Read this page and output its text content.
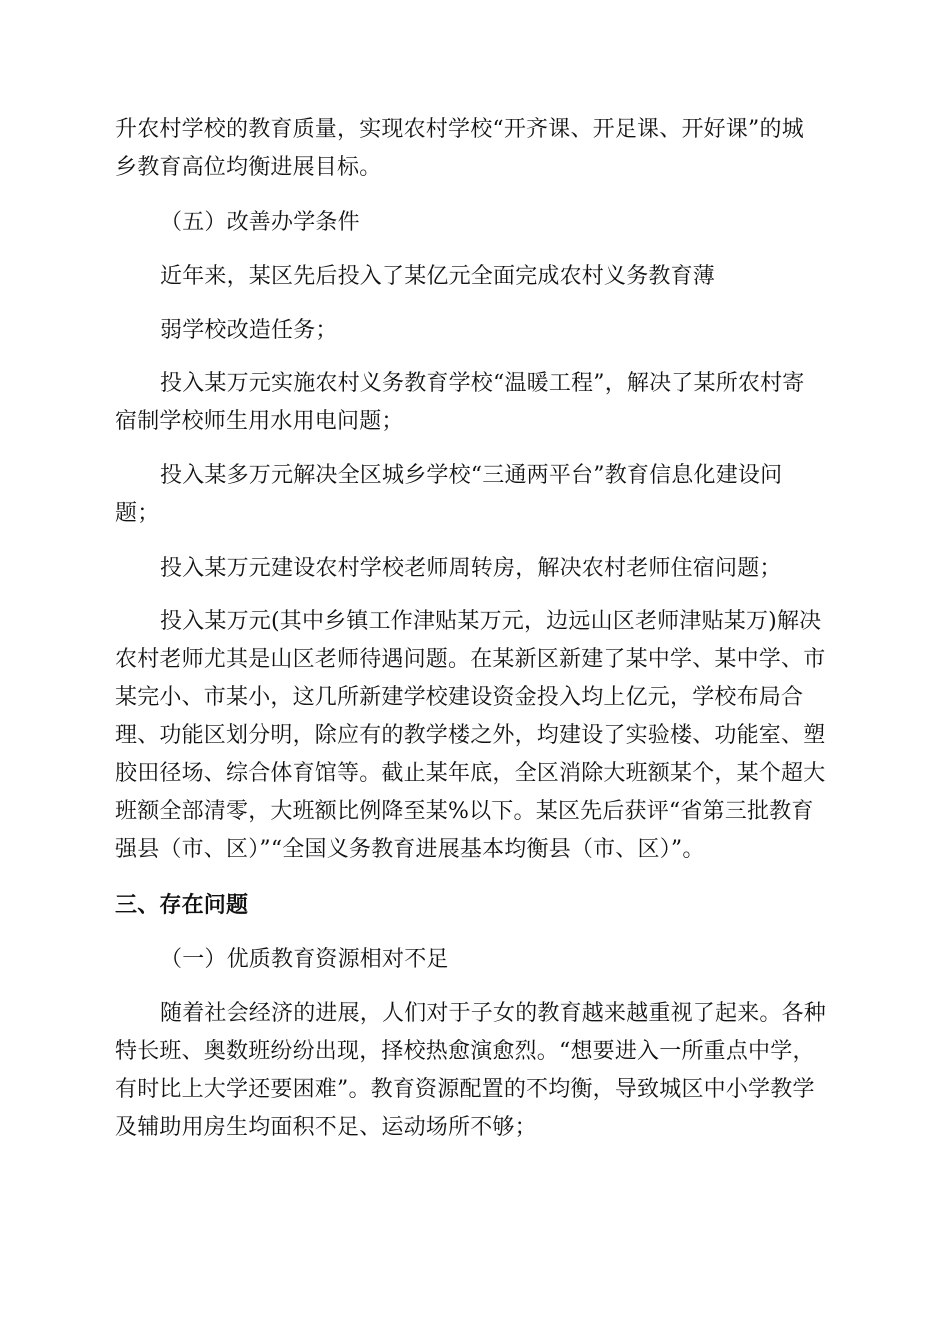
升农村学校的教育质量，实现农村学校“开齐课、开足课、开好课”的城
乡教育高位均衡进展目标。
（五）改善办学条件
近年来，某区先后投入了某亿元全面完成农村义务教育薄
弱学校改造任务；
投入某万元实施农村义务教育学校“温暖工程”，解决了某所农村寄
宿制学校师生用水用电问题；
投入某多万元解决全区城乡学校“三通两平台”教育信息化建设问
题；
投入某万元建设农村学校老师周转房，解决农村老师住宿问题；
投入某万元(其中乡镇工作津贴某万元，边远山区老师津贴某万)解决
农村老师尤其是山区老师待遇问题。在某新区新建了某中学、某中学、市
某完小、市某小，这几所新建学校建设资金投入均上亿元，学校布局合
理、功能区划分明，除应有的教学楼之外，均建设了实验楼、功能室、塑
胶田径场、综合体育馆等。截止某年底，全区消除大班额某个，某个超大
班额全部清零，大班额比例降至某%以下。某区先后获评“省第三批教育
强县（市、区）”“全国义务教育进展基本均衡县（市、区）”。
三、存在问题
（一）优质教育资源相对不足
随着社会经济的进展，人们对于子女的教育越来越重视了起来。各种
特长班、奥数班纷纷出现，择校热愈演愈烈。“想要进入一所重点中学，
有时比上大学还要困难”。教育资源配置的不均衡，导致城区中小学教学
及辅助用房生均面积不足、运动场所不够；
